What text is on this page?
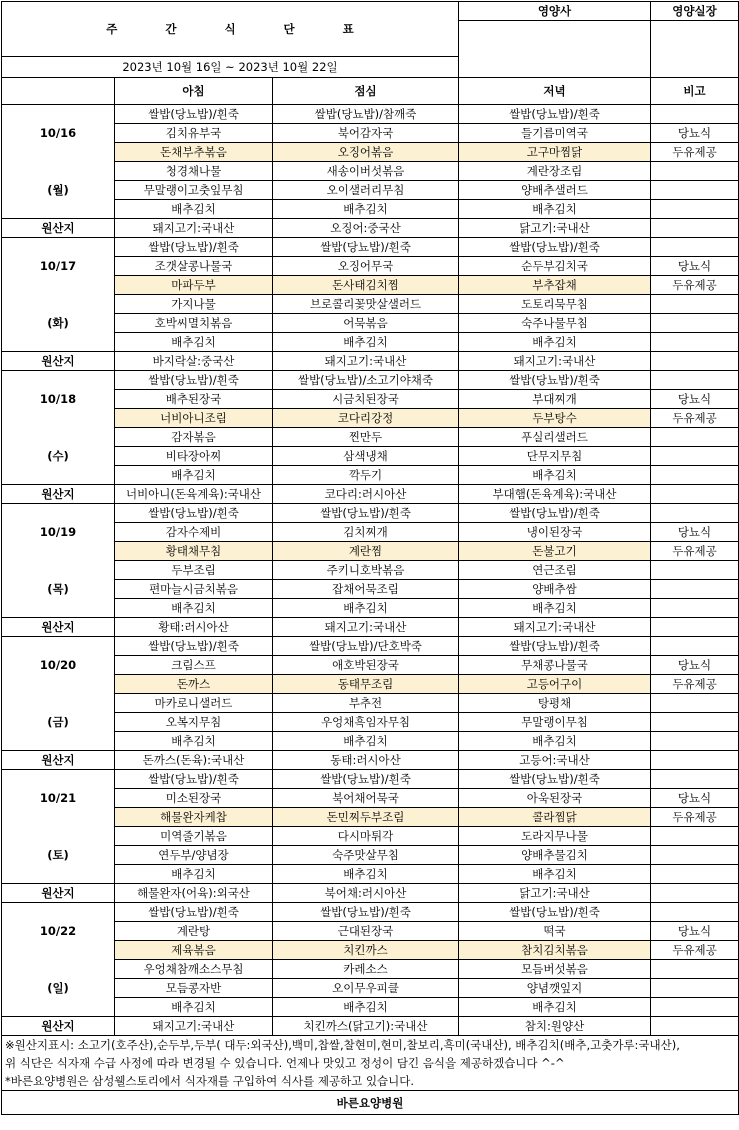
주 간 식 단 표			영양사	영양실장

2023년 10월 16일 ~ 2023년 10월 22일				
	아침	점심	저녁	비고
10/16	쌀밥(당뇨밥)/흰죽	쌀밥(당뇨밥)/참깨죽	쌀밥(당뇨밥)/흰죽	
	김치유부국	북어감자국	들기름미역국	당뇨식
	돈채부추볶음	오징어볶음	고구마찜닭	두유제공
(월)	청경채나물	새송이버섯볶음	계란장조림	
	무말랭이고춧잎무침	오이샐러리무침	양배추샐러드	
	배추김치	배추김치	배추김치	
원산지	돼지고기:국내산	오징어:중국산	닭고기:국내산	
10/17	쌀밥(당뇨밥)/흰죽	쌀밥(당뇨밥)/흰죽	쌀밥(당뇨밥)/흰죽	
	조갯살콩나물국	오징어무국	순두부김치국	당뇨식
	마파두부	돈사태김치찜	부추잡채	두유제공
(화)	가지나물	브로콜리꽃맛살샐러드	도토리묵무침	
	호박씨멸치볶음	어묵볶음	숙주나물무침	
	배추김치	배추김치	배추김치	
원산지	바지락살:중국산	돼지고기:국내산	돼지고기:국내산	
10/18	쌀밥(당뇨밥)/흰죽	쌀밥(당뇨밥)/소고기야채죽	쌀밥(당뇨밥)/흰죽	
	배추된장국	시금치된장국	부대찌개	당뇨식
	너비아니조림	코다리강정	두부탕수	두유제공
(수)	감자볶음	찐만두	푸실리샐러드	
	비타장아찌	삼색냉채	단무지무침	
	배추김치	깍두기	배추김치	
원산지	너비아니(돈육계육):국내산	코다리:러시아산	부대햄(돈육계육):국내산	
10/19	쌀밥(당뇨밥)/흰죽	쌀밥(당뇨밥)/흰죽	쌀밥(당뇨밥)/흰죽	
	감자수제비	김치찌개	냉이된장국	당뇨식
	황태채무침	계란찜	돈불고기	두유제공
(목)	두부조림	주키니호박볶음	연근조림	
	편마늘시금치볶음	잡채어묵조림	양배추쌈	
	배추김치	배추김치	배추김치	
원산지	황태:러시아산	돼지고기:국내산	돼지고기:국내산	
10/20	쌀밥(당뇨밥)/흰죽	쌀밥(당뇨밥)/단호박죽	쌀밥(당뇨밥)/흰죽	
	크림스프	애호박된장국	무채콩나물국	당뇨식
	돈까스	동태무조림	고등어구이	두유제공
(금)	마카로니샐러드	부추전	탕평채	
	오복지무침	우엉채흑임자무침	무말랭이무침	
	배추김치	배추김치	배추김치	
원산지	돈까스(돈육):국내산	동태:러시아산	고등어:국내산	
10/21	쌀밥(당뇨밥)/흰죽	쌀밥(당뇨밥)/흰죽	쌀밥(당뇨밥)/흰죽	
	미소된장국	북어채어묵국	아욱된장국	당뇨식
	해물완자케찹	돈민찌두부조림	콜라찜닭	두유제공
(토)	미역줄기볶음	다시마튀각	도라지무나물	
	연두부/양념장	숙주맛살무침	양배추물김치	
	배추김치	배추김치	배추김치	
원산지	해물완자(어육):외국산	북어채:러시아산	닭고기:국내산	
10/22	쌀밥(당뇨밥)/흰죽	쌀밥(당뇨밥)/흰죽	쌀밥(당뇨밥)/흰죽	
	계란탕	근대된장국	떡국	당뇨식
	제육볶음	치킨까스	참치김치볶음	두유제공
(일)	우엉채참깨소스무침	카레소스	모듬버섯볶음	
	모듬콩자반	오이무우피클	양념깻잎지	
	배추김치	배추김치	배추김치	
원산지	돼지고기:국내산	치킨까스(닭고기):국내산	참치:원양산	

※원산지표시: 소고기(호주산),순두부,두부( 대두:외국산),백미,찹쌀,찰현미,현미,찰보리,흑미(국내산), 배추김치(배추,고춧가루:국내산),
위 식단은 식자재 수급 사정에 따라 변경될 수 있습니다. 언제나 맛있고 정성이 담긴 음식을 제공하겠습니다 ^-^
*바른요양병원은 삼성웰스토리에서 식자재를 구입하여 식사를 제공하고 있습니다.				

바른요양병원				
